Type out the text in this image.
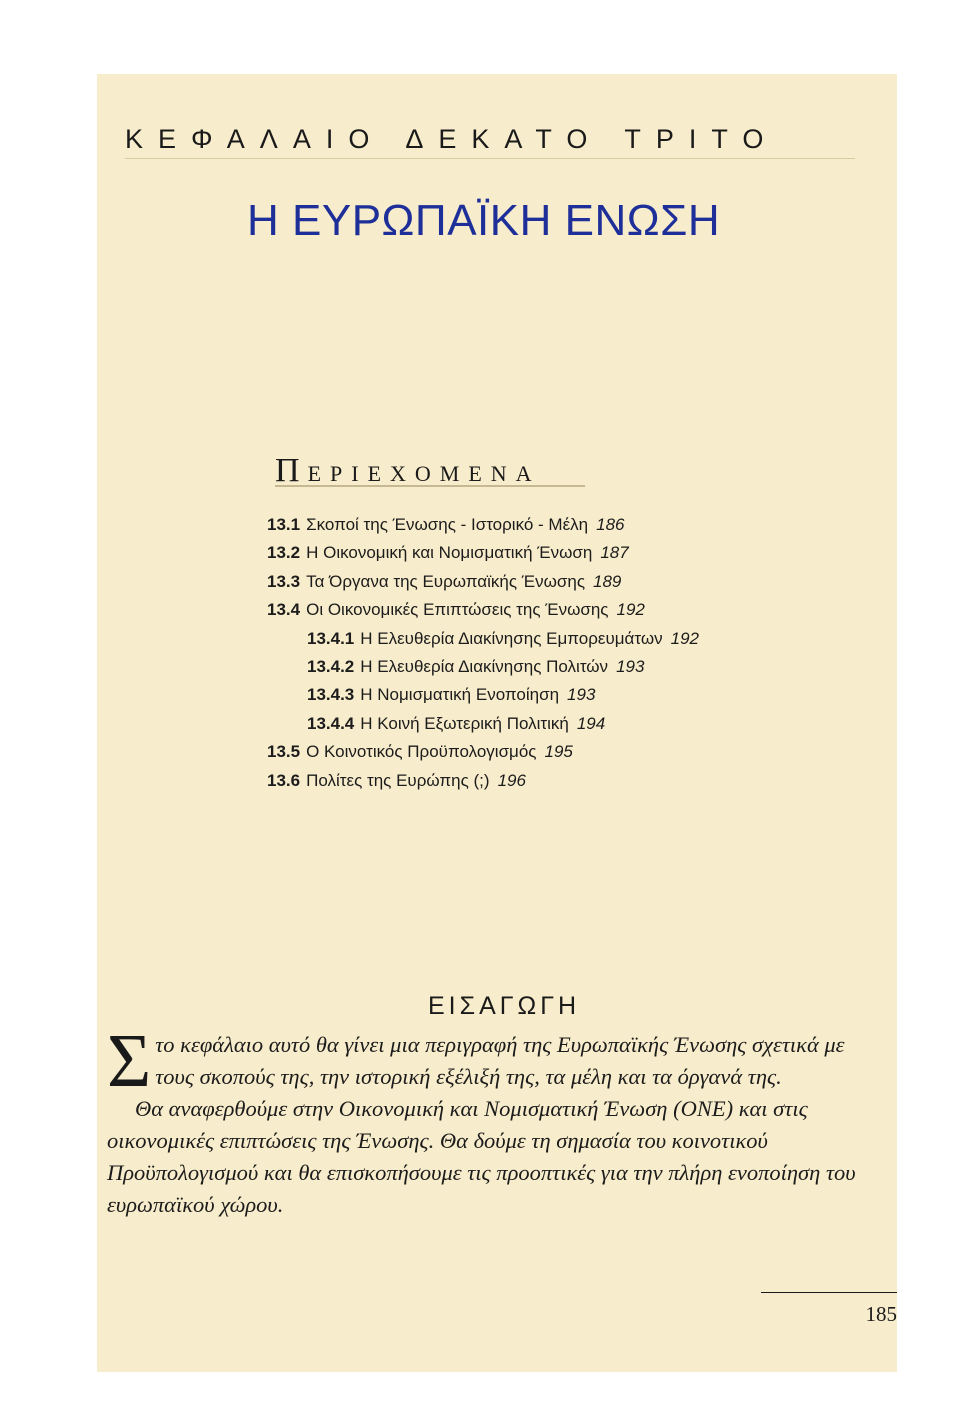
ΚΕΦΑΛΑΙΟ ΔΕΚΑΤΟ ΤΡΙΤΟ
Η ΕΥΡΩΠΑΪΚΗ ΕΝΩΣΗ
ΠΕΡΙΕΧΟΜΕΝΑ
13.1 Σκοποί της Ένωσης - Ιστορικό - Μέλη 186
13.2 Η Οικονομική και Νομισματική Ένωση 187
13.3 Τα Όργανα της Ευρωπαϊκής Ένωσης 189
13.4 Οι Οικονομικές Επιπτώσεις της Ένωσης 192
13.4.1 Η Ελευθερία Διακίνησης Εμπορευμάτων 192
13.4.2 Η Ελευθερία Διακίνησης Πολιτών 193
13.4.3 Η Νομισματική Ενοποίηση 193
13.4.4 Η Κοινή Εξωτερική Πολιτική 194
13.5 Ο Κοινοτικός Προϋπολογισμός 195
13.6 Πολίτες της Ευρώπης (;) 196
ΕΙΣΑΓΩΓΗ

Στο κεφάλαιο αυτό θα γίνει μια περιγραφή της Ευρωπαϊκής Ένωσης σχετικά με τους σκοπούς της, την ιστορική εξέλιξή της, τα μέλη και τα όργανά της.

Θα αναφερθούμε στην Οικονομική και Νομισματική Ένωση (ΟΝΕ) και στις οικονομικές επιπτώσεις της Ένωσης. Θα δούμε τη σημασία του κοινοτικού Προϋπολογισμού και θα επισκοπήσουμε τις προοπτικές για την πλήρη ενοποίηση του ευρωπαϊκού χώρου.

185
